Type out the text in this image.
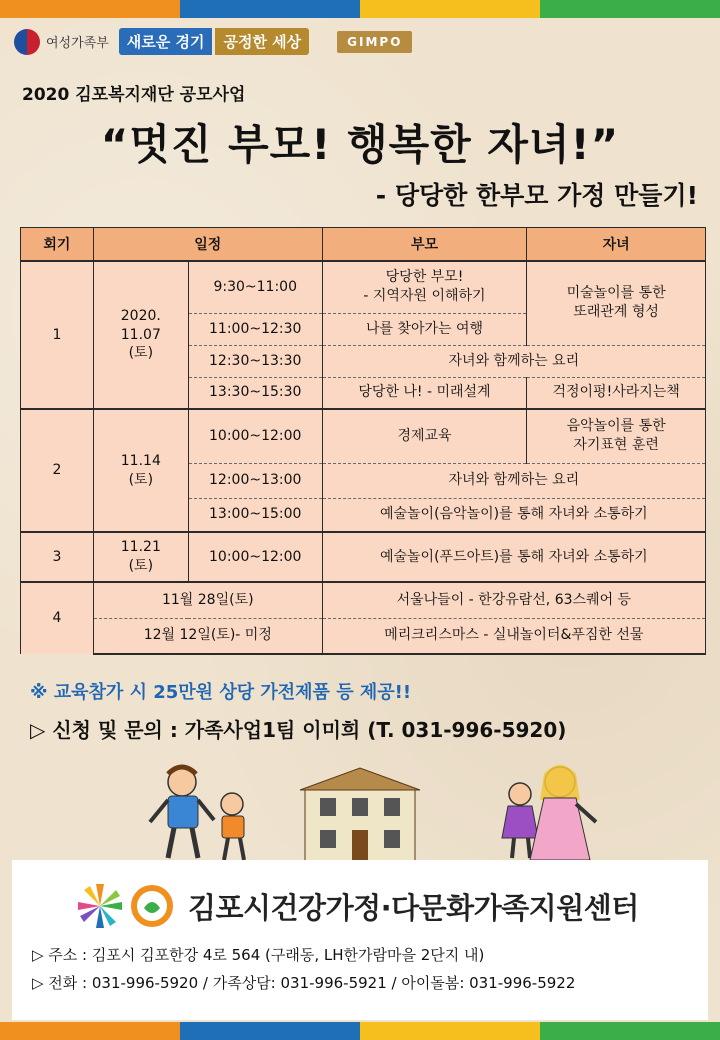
여성가족부	새로운 경기	공정한 세상	GIMPO
2020 김포복지재단 공모사업
“멋진 부모! 행복한 자녀!”
- 당당한 한부모 가정 만들기!
회기	일정		부모	자녀
1	2020.
11.07
(토)	9:30~11:00	당당한 부모!
- 지역자원 이해하기	미술놀이를 통한
또래관계 형성
		11:00~12:30	나를 찾아가는 여행	
		12:30~13:30	자녀와 함께하는 요리	
		13:30~15:30	당당한 나! - 미래설계	걱정이펑!사라지는책
2	11.14
(토)	10:00~12:00	경제교육	음악놀이를 통한
자기표현 훈련
		12:00~13:00	자녀와 함께하는 요리	
		13:00~15:00	예술놀이(음악놀이)를 통해 자녀와 소통하기	
3	11.21
(토)	10:00~12:00	예술놀이(푸드아트)를 통해 자녀와 소통하기	
4	11월 28일(토)		서울나들이 - 한강유람선, 63스퀘어 등	
	12월 12일(토)- 미정		메리크리스마스 - 실내놀이터&푸짐한 선물	
※ 교육참가 시 25만원 상당 가전제품 등 제공!!
▷ 신청 및 문의 : 가족사업1팀 이미희 (T. 031-996-5920)
김포시건강가정·다문화가족지원센터
▷ 주소 : 김포시 김포한강 4로 564 (구래동, LH한가람마을 2단지 내)
▷ 전화 : 031-996-5920 / 가족상담: 031-996-5921 / 아이돌봄: 031-996-5922
